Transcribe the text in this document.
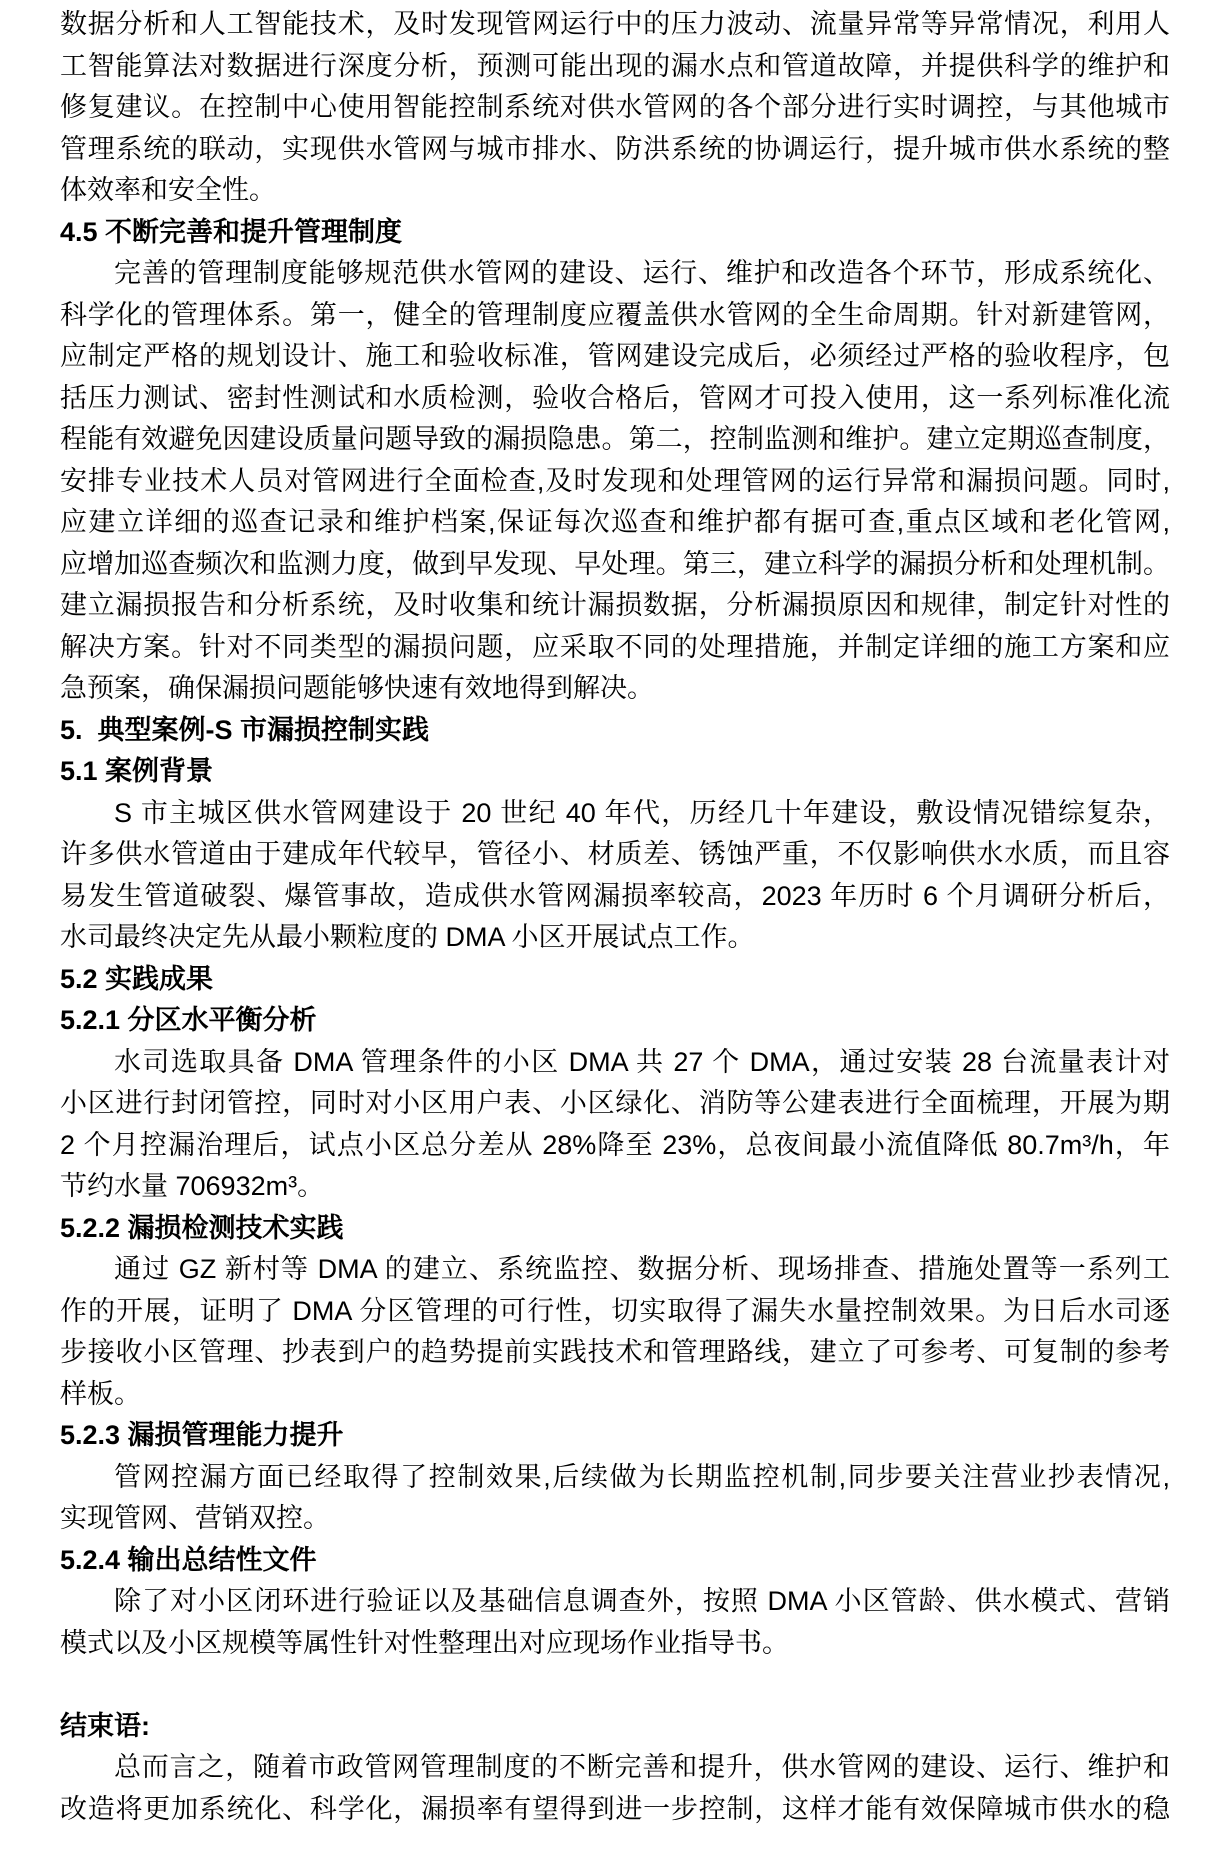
数据分析和人工智能技术，及时发现管网运行中的压力波动、流量异常等异常情况，利用人
工智能算法对数据进行深度分析，预测可能出现的漏水点和管道故障，并提供科学的维护和
修复建议。在控制中心使用智能控制系统对供水管网的各个部分进行实时调控，与其他城市
管理系统的联动，实现供水管网与城市排水、防洪系统的协调运行，提升城市供水系统的整
体效率和安全性。
4.5 不断完善和提升管理制度
完善的管理制度能够规范供水管网的建设、运行、维护和改造各个环节，形成系统化、
科学化的管理体系。第一，健全的管理制度应覆盖供水管网的全生命周期。针对新建管网，
应制定严格的规划设计、施工和验收标准，管网建设完成后，必须经过严格的验收程序，包
括压力测试、密封性测试和水质检测，验收合格后，管网才可投入使用，这一系列标准化流
程能有效避免因建设质量问题导致的漏损隐患。第二，控制监测和维护。建立定期巡查制度，
安排专业技术人员对管网进行全面检查,及时发现和处理管网的运行异常和漏损问题。同时,
应建立详细的巡查记录和维护档案,保证每次巡查和维护都有据可查,重点区域和老化管网,
应增加巡查频次和监测力度，做到早发现、早处理。第三，建立科学的漏损分析和处理机制。
建立漏损报告和分析系统，及时收集和统计漏损数据，分析漏损原因和规律，制定针对性的
解决方案。针对不同类型的漏损问题，应采取不同的处理措施，并制定详细的施工方案和应
急预案，确保漏损问题能够快速有效地得到解决。
5.  典型案例-S 市漏损控制实践
5.1 案例背景
S 市主城区供水管网建设于 20 世纪 40 年代，历经几十年建设，敷设情况错综复杂，
许多供水管道由于建成年代较早，管径小、材质差、锈蚀严重，不仅影响供水水质，而且容
易发生管道破裂、爆管事故，造成供水管网漏损率较高，2023 年历时 6 个月调研分析后，
水司最终决定先从最小颗粒度的 DMA 小区开展试点工作。
5.2 实践成果
5.2.1 分区水平衡分析
水司选取具备 DMA 管理条件的小区 DMA 共 27 个 DMA，通过安装 28 台流量表计对
小区进行封闭管控，同时对小区用户表、小区绿化、消防等公建表进行全面梳理，开展为期
2 个月控漏治理后，试点小区总分差从 28%降至 23%，总夜间最小流值降低 80.7m³/h，年
节约水量 706932m³。
5.2.2 漏损检测技术实践
通过 GZ 新村等 DMA 的建立、系统监控、数据分析、现场排查、措施处置等一系列工
作的开展，证明了 DMA 分区管理的可行性，切实取得了漏失水量控制效果。为日后水司逐
步接收小区管理、抄表到户的趋势提前实践技术和管理路线，建立了可参考、可复制的参考
样板。
5.2.3 漏损管理能力提升
管网控漏方面已经取得了控制效果,后续做为长期监控机制,同步要关注营业抄表情况,
实现管网、营销双控。
5.2.4 输出总结性文件
除了对小区闭环进行验证以及基础信息调查外，按照 DMA 小区管龄、供水模式、营销
模式以及小区规模等属性针对性整理出对应现场作业指导书。
结束语:
总而言之，随着市政管网管理制度的不断完善和提升，供水管网的建设、运行、维护和
改造将更加系统化、科学化，漏损率有望得到进一步控制，这样才能有效保障城市供水的稳
